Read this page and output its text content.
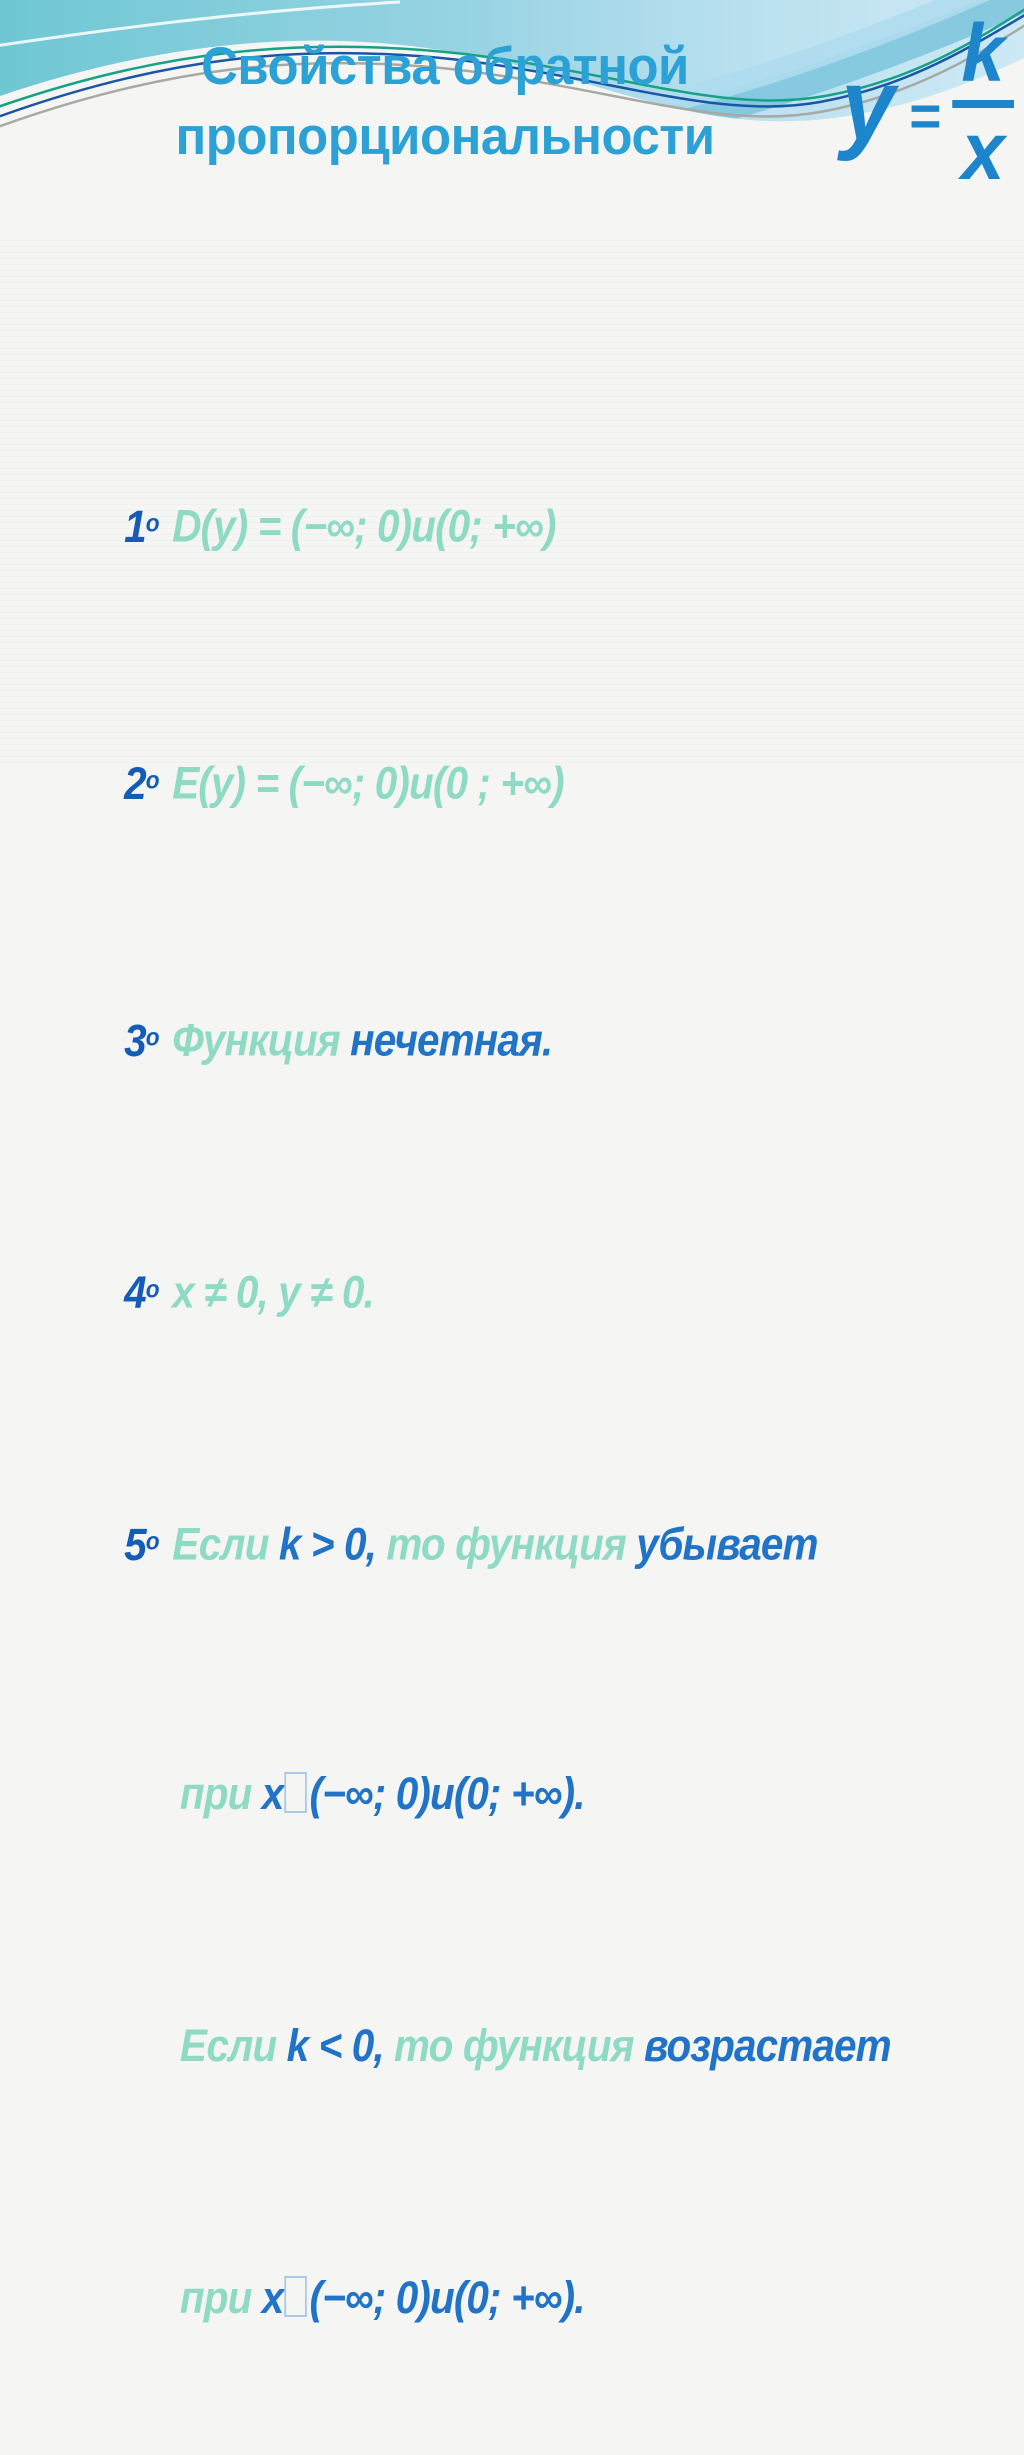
Свойства обратной
пропорциональности	$y = \frac{k}{x}$

1$^o$ D(y) = (−∞; 0)u(0; +∞)

2$^o$ E(y) = (−∞; 0)u(0 ; +∞)

3$^o$ Функция нечетная.

4$^o$ x ≠ 0, y ≠ 0.

5$^o$ Если k > 0, то функция убывает

при x (−∞; 0)u(0; +∞).

Если k < 0, то функция возрастает

при x (−∞; 0)u(0; +∞).
